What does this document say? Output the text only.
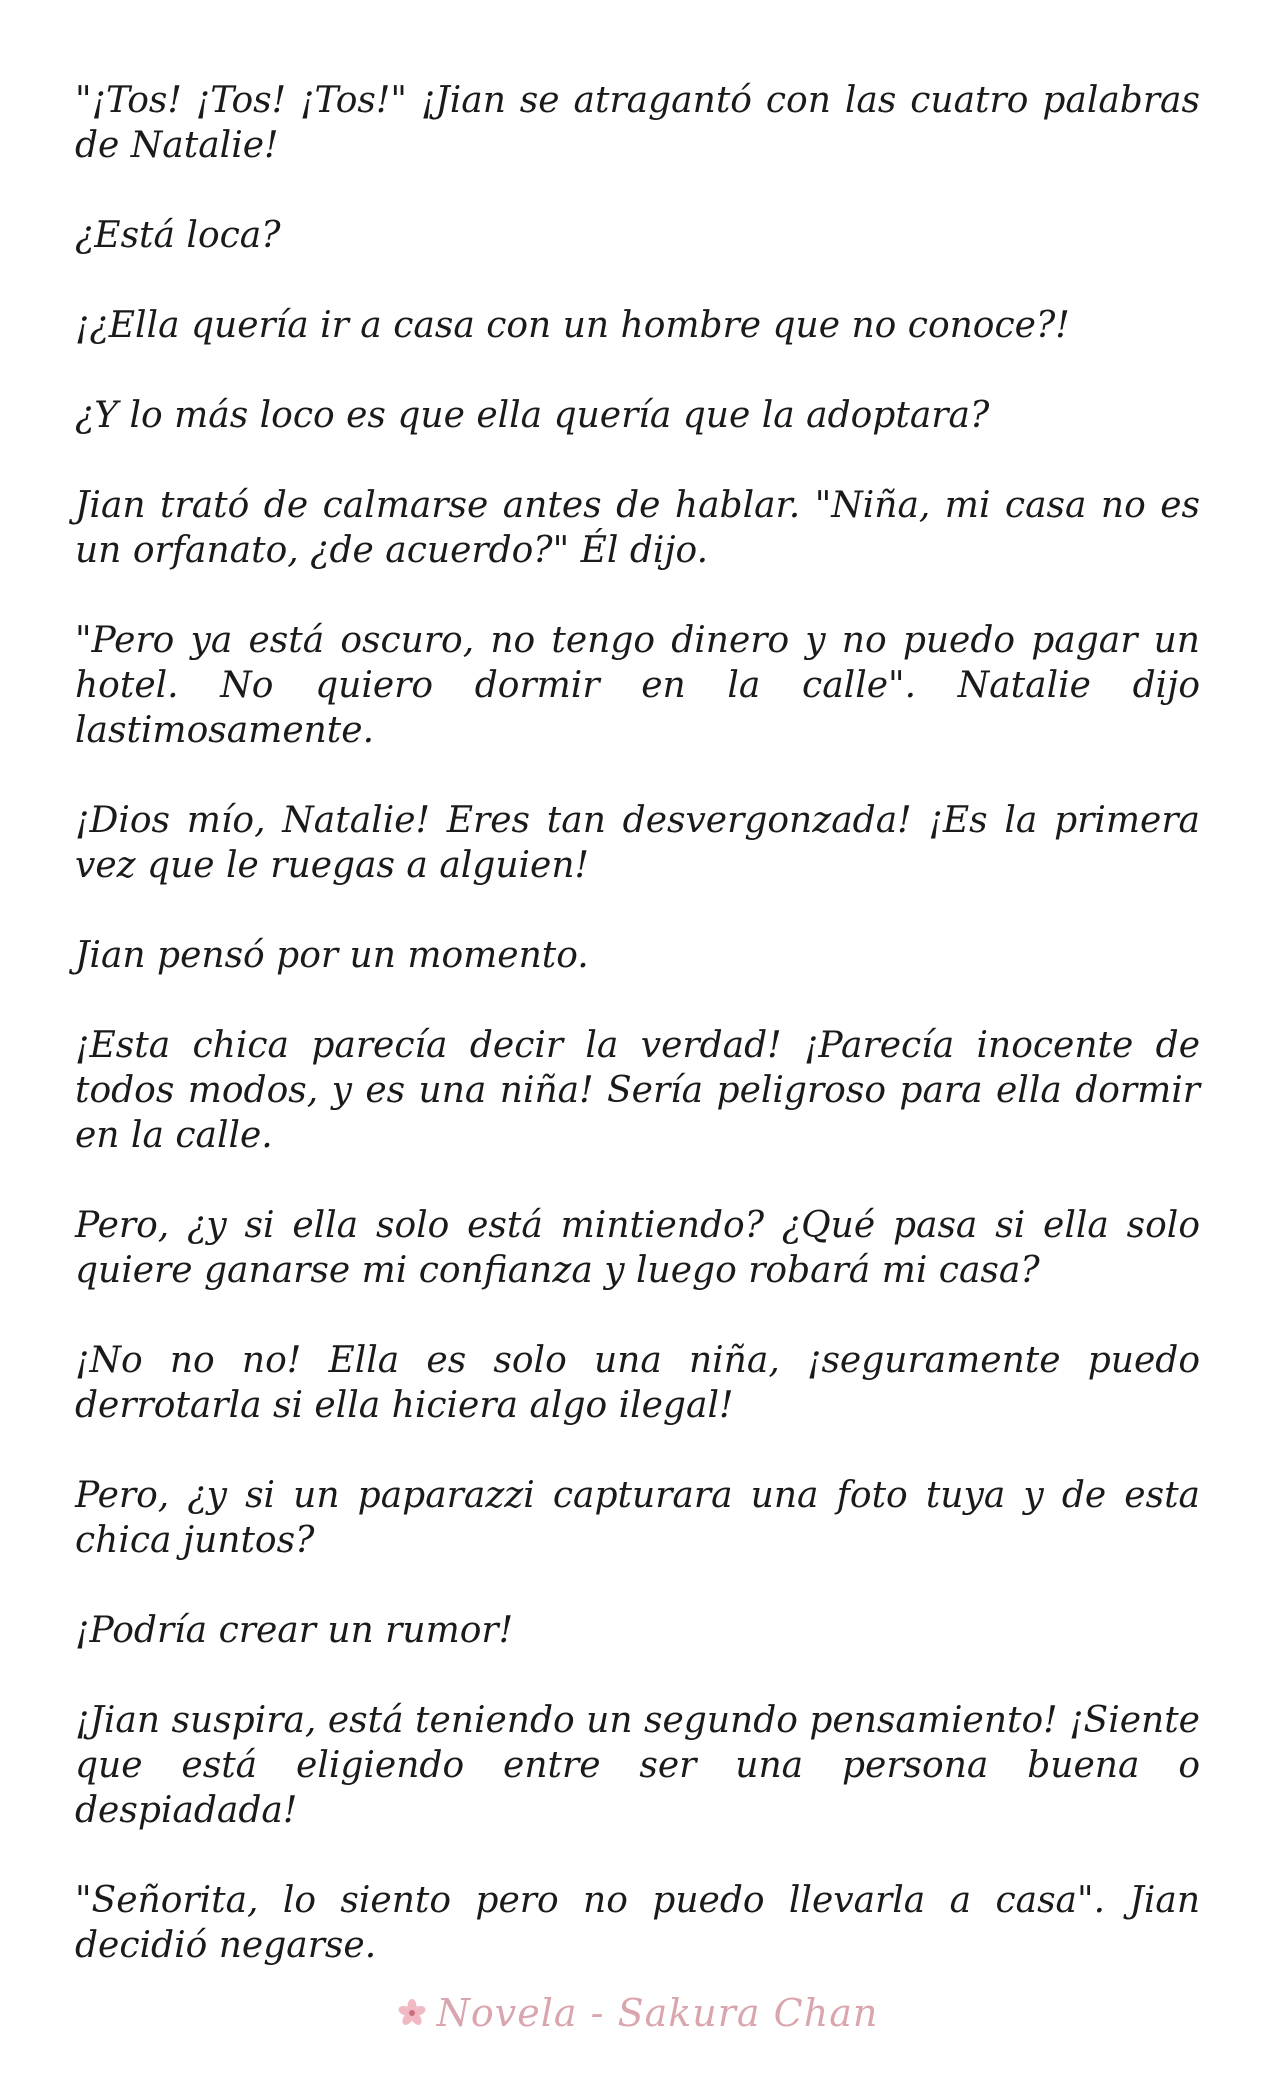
"¡Tos! ¡Tos! ¡Tos!" ¡Jian se atragantó con las cuatro palabras de Natalie!

¿Está loca?

¡¿Ella quería ir a casa con un hombre que no conoce?!

¿Y lo más loco es que ella quería que la adoptara?

Jian trató de calmarse antes de hablar. "Niña, mi casa no es un orfanato, ¿de acuerdo?" Él dijo.

"Pero ya está oscuro, no tengo dinero y no puedo pagar un hotel. No quiero dormir en la calle". Natalie dijo lastimosamente.

¡Dios mío, Natalie! Eres tan desvergonzada! ¡Es la primera vez que le ruegas a alguien!

Jian pensó por un momento.

¡Esta chica parecía decir la verdad! ¡Parecía inocente de todos modos, y es una niña! Sería peligroso para ella dormir en la calle.

Pero, ¿y si ella solo está mintiendo? ¿Qué pasa si ella solo quiere ganarse mi confianza y luego robará mi casa?

¡No no no! Ella es solo una niña, ¡seguramente puedo derrotarla si ella hiciera algo ilegal!

Pero, ¿y si un paparazzi capturara una foto tuya y de esta chica juntos?

¡Podría crear un rumor!

¡Jian suspira, está teniendo un segundo pensamiento! ¡Siente que está eligiendo entre ser una persona buena o despiadada!

"Señorita, lo siento pero no puedo llevarla a casa". Jian decidió negarse.

Novela - Sakura Chan
